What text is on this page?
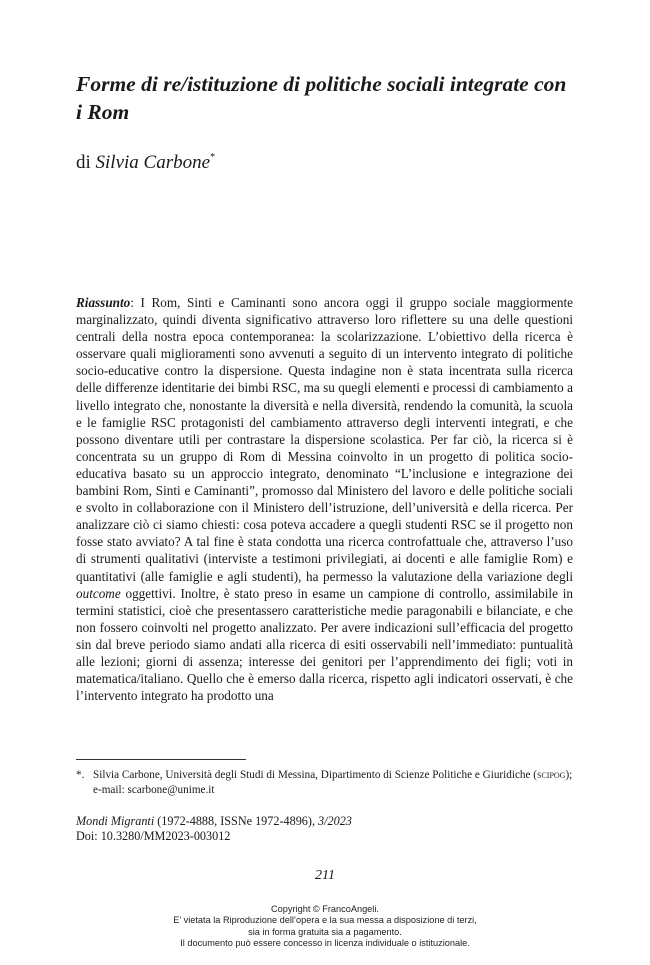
Forme di re/istituzione di politiche sociali integrate con i Rom
di Silvia Carbone*
Riassunto: I Rom, Sinti e Caminanti sono ancora oggi il gruppo sociale maggiormente marginalizzato, quindi diventa significativo attraverso loro riflettere su una delle questioni centrali della nostra epoca contemporanea: la scolarizzazione. L’obiettivo della ricerca è osservare quali miglioramenti sono avvenuti a seguito di un intervento integrato di politiche socio-educative contro la dispersione. Questa indagine non è stata incentrata sulla ricerca delle differenze identitarie dei bimbi RSC, ma su quegli elementi e processi di cambiamento a livello integrato che, nonostante la diversità e nella diversità, rendendo la comunità, la scuola e le famiglie RSC protagonisti del cambiamento attraverso degli interventi integrati, e che possono diventare utili per contrastare la dispersione scolastica. Per far ciò, la ricerca si è concentrata su un gruppo di Rom di Messina coinvolto in un progetto di politica socio-educativa basato su un approccio integrato, denominato “L’inclusione e integrazione dei bambini Rom, Sinti e Caminanti”, promosso dal Ministero del lavoro e delle politiche sociali e svolto in collaborazione con il Ministero dell’istruzione, dell’università e della ricerca. Per analizzare ciò ci siamo chiesti: cosa poteva accadere a quegli studenti RSC se il progetto non fosse stato avviato? A tal fine è stata condotta una ricerca controfattuale che, attraverso l’uso di strumenti qualitativi (interviste a testimoni privilegiati, ai docenti e alle famiglie Rom) e quantitativi (alle famiglie e agli studenti), ha permesso la valutazione della variazione degli outcome oggettivi. Inoltre, è stato preso in esame un campione di controllo, assimilabile in termini statistici, cioè che presentassero caratteristiche medie paragonabili e bilanciate, e che non fossero coinvolti nel progetto analizzato. Per avere indicazioni sull’efficacia del progetto sin dal breve periodo siamo andati alla ricerca di esiti osservabili nell’immediato: puntualità alle lezioni; giorni di assenza; interesse dei genitori per l’apprendimento dei figli; voti in matematica/italiano. Quello che è emerso dalla ricerca, rispetto agli indicatori osservati, è che l’intervento integrato ha prodotto una
*. Silvia Carbone, Università degli Studi di Messina, Dipartimento di Scienze Politiche e Giuridiche (scipog); e-mail: scarbone@unime.it
Mondi Migranti (1972-4888, ISSNe 1972-4896), 3/2023
Doi: 10.3280/MM2023-003012
211
Copyright © FrancoAngeli.
E’ vietata la Riproduzione dell’opera e la sua messa a disposizione di terzi,
sia in forma gratuita sia a pagamento.
Il documento può essere concesso in licenza individuale o istituzionale.
